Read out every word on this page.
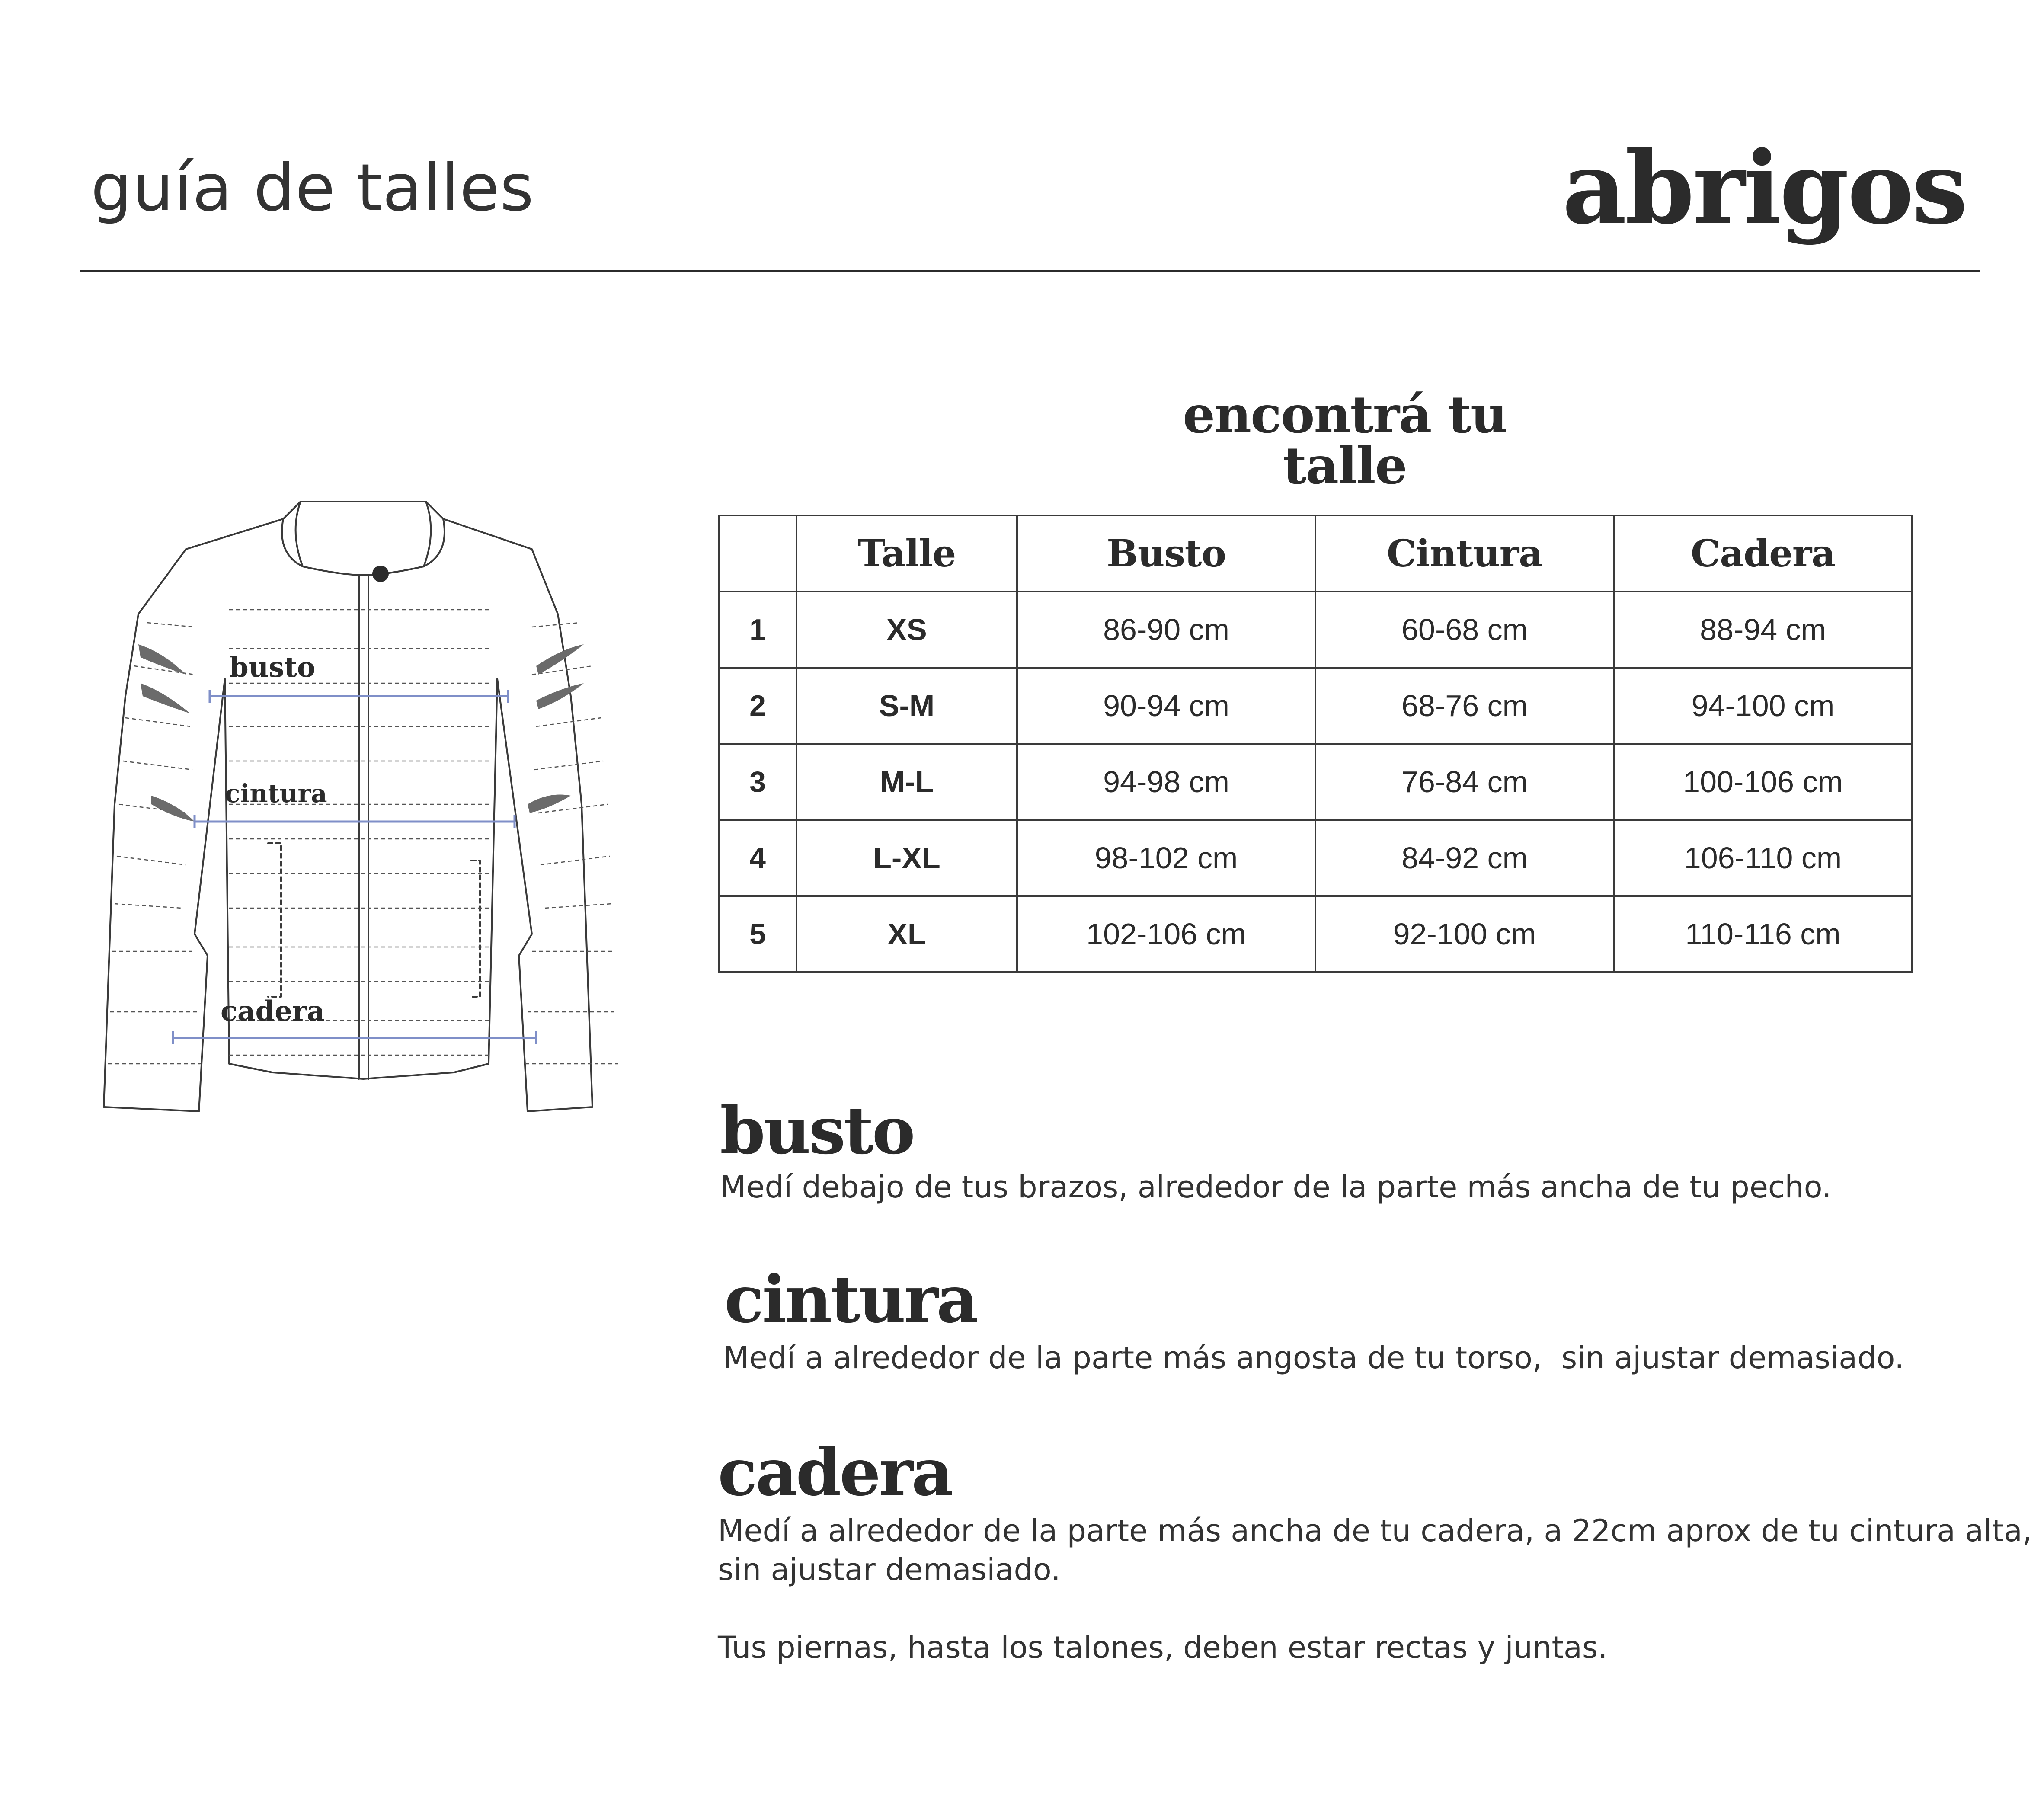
guía de talles	abrigos
busto
cintura
cadera
encontrá tu talle
	Talle	Busto	Cintura	Cadera
1	XS	86-90 cm	60-68 cm	88-94 cm
2	S-M	90-94 cm	68-76 cm	94-100 cm
3	M-L	94-98 cm	76-84 cm	100-106 cm
4	L-XL	98-102 cm	84-92 cm	106-110 cm
5	XL	102-106 cm	92-100 cm	110-116 cm
busto
Medí debajo de tus brazos, alrededor de la parte más ancha de tu pecho.
cintura
Medí a alrededor de la parte más angosta de tu torso,  sin ajustar demasiado.
cadera
Medí a alrededor de la parte más ancha de tu cadera, a 22cm aprox de tu cintura alta,
sin ajustar demasiado.
Tus piernas, hasta los talones, deben estar rectas y juntas.
